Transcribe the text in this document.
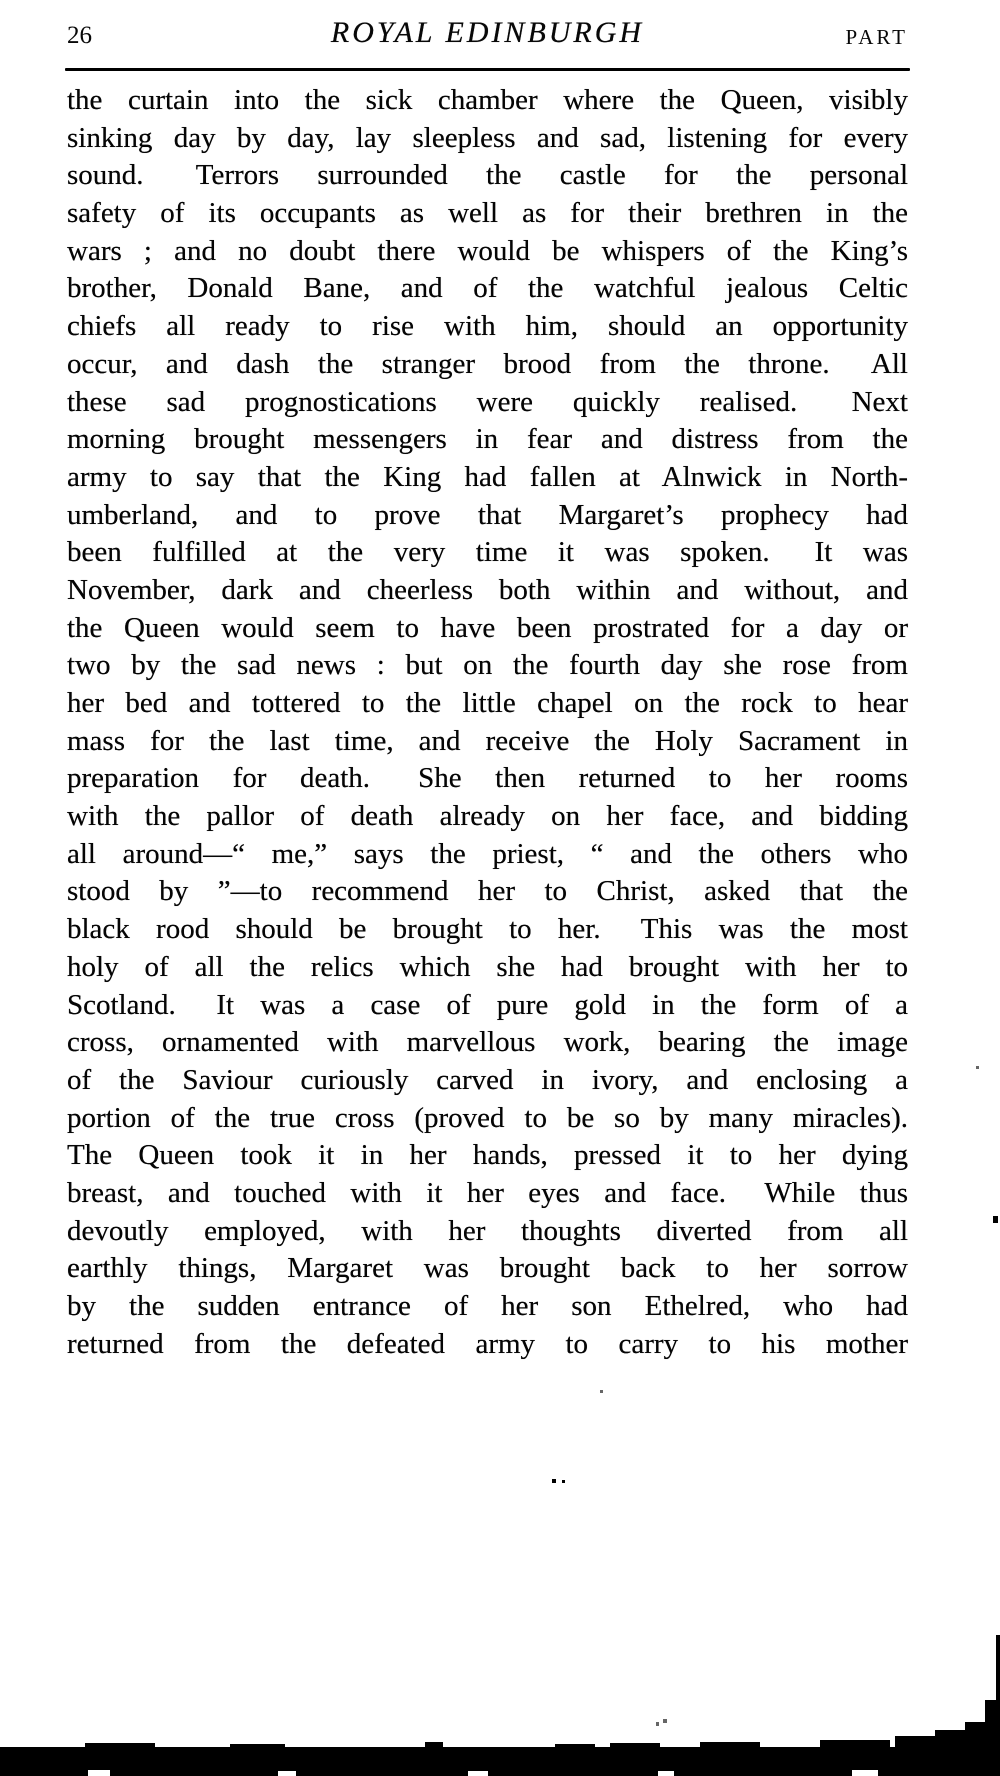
26	ROYAL EDINBURGH	PART
the curtain into the sick chamber where the Queen, visibly
sinking day by day, lay sleepless and sad, listening for every
sound.  Terrors surrounded the castle for the personal
safety of its occupants as well as for their brethren in the
wars ; and no doubt there would be whispers of the King’s
brother, Donald Bane, and of the watchful jealous Celtic
chiefs all ready to rise with him, should an opportunity
occur, and dash the stranger brood from the throne.  All
these sad prognostications were quickly realised.  Next
morning brought messengers in fear and distress from the
army to say that the King had fallen at Alnwick in North-
umberland, and to prove that Margaret’s prophecy had
been fulfilled at the very time it was spoken.  It was
November, dark and cheerless both within and without, and
the Queen would seem to have been prostrated for a day or
two by the sad news : but on the fourth day she rose from
her bed and tottered to the little chapel on the rock to hear
mass for the last time, and receive the Holy Sacrament in
preparation for death.  She then returned to her rooms
with the pallor of death already on her face, and bidding
all around—“ me,” says the priest, “ and the others who
stood by ”—to recommend her to Christ, asked that the
black rood should be brought to her.  This was the most
holy of all the relics which she had brought with her to
Scotland.  It was a case of pure gold in the form of a
cross, ornamented with marvellous work, bearing the image
of the Saviour curiously carved in ivory, and enclosing a
portion of the true cross (proved to be so by many miracles).
The Queen took it in her hands, pressed it to her dying
breast, and touched with it her eyes and face.  While thus
devoutly employed, with her thoughts diverted from all
earthly things, Margaret was brought back to her sorrow
by the sudden entrance of her son Ethelred, who had
returned from the defeated army to carry to his mother
